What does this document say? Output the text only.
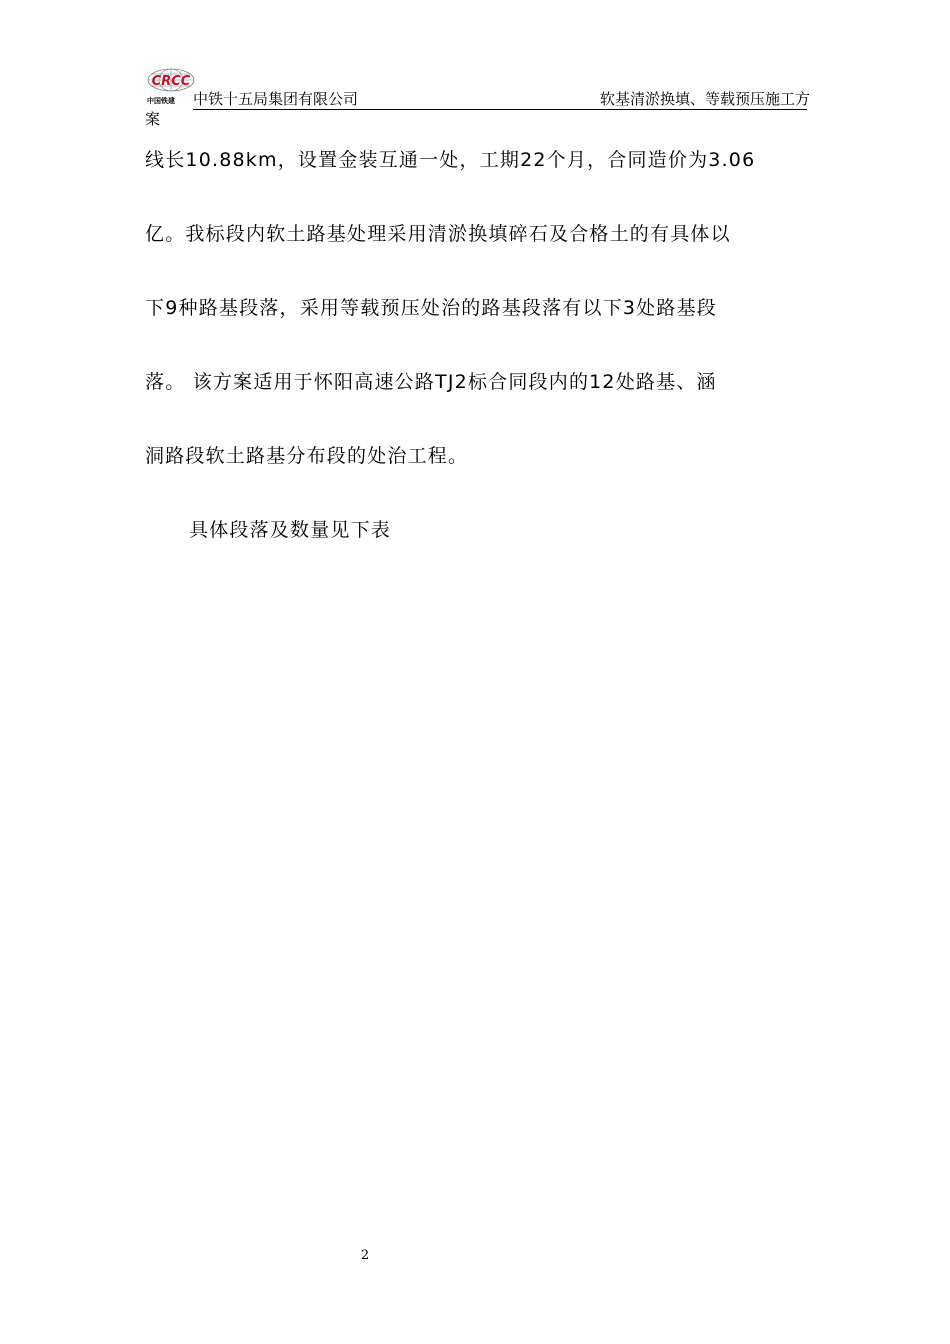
CRCC
中国铁建 中铁十五局集团有限公司	软基清淤换填、等载预压施工方
案
线长10.88km，设置金装互通一处，工期22个月，合同造价为3.06
亿。我标段内软土路基处理采用清淤换填碎石及合格土的有具体以
下9种路基段落，采用等载预压处治的路基段落有以下3处路基段
落。 该方案适用于怀阳高速公路TJ2标合同段内的12处路基、涵
洞路段软土路基分布段的处治工程。
具体段落及数量见下表
2
